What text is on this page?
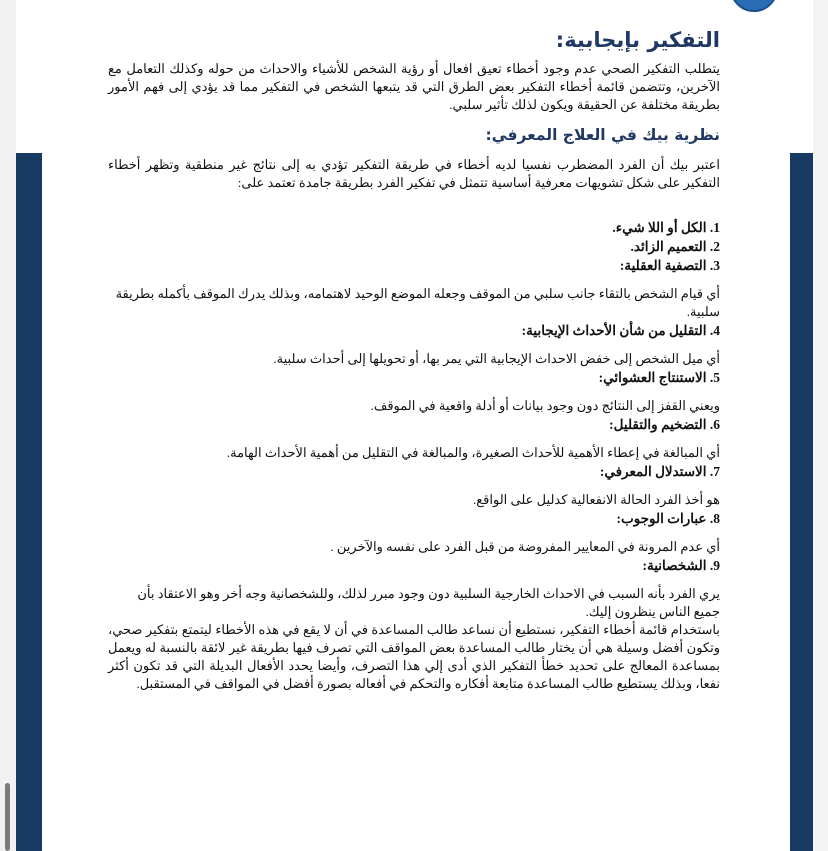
التفكير بإيجابية:

يتطلب التفكير الصحي عدم وجود أخطاء تعيق افعال أو رؤية الشخص للأشياء والاحداث من حوله وكذلك التعامل مع الآخرين، وتتضمن قائمة أخطاء التفكير بعض الطرق التي قد يتبعها الشخص في التفكير مما قد يؤدي إلى فهم الأمور بطريقة مختلفة عن الحقيقة ويكون لذلك تأثير سلبي.

نظرية بيك في العلاج المعرفي:

اعتبر بيك أن الفرد المضطرب نفسيا لديه أخطاء في طريقة التفكير تؤدي به إلى نتائج غير منطقية وتظهر أخطاء التفكير على شكل تشويهات معرفية أساسية تتمثل في تفكير الفرد بطريقة جامدة تعتمد على:

1. الكل أو اللا شيء.

2. التعميم الزائد.

3. التصفية العقلية:

أي قيام الشخص بالتقاء جانب سلبي من الموقف وجعله الموضع الوحيد لاهتمامه، وبذلك يدرك الموقف بأكمله بطريقة سلبية.

4. التقليل من شأن الأحداث الإيجابية:

أي ميل الشخص إلى خفض الاحداث الإيجابية التي يمر بها، أو تحويلها إلى أحداث سلبية.

5. الاستنتاج العشوائي:

ويعني القفز إلى النتائج دون وجود بيانات أو أدلة واقعية في الموقف.

6. التضخيم والتقليل:

أي المبالغة في إعطاء الأهمية للأحداث الصغيرة، والمبالغة في التقليل من أهمية الأحداث الهامة.

7. الاستدلال المعرفي:

هو أخذ الفرد الحالة الانفعالية كدليل على الواقع.

8. عبارات الوجوب:

أي عدم المرونة في المعايير المفروضة من قبل الفرد على نفسه والآخرين .

9. الشخصانية:

يري الفرد بأنه السبب في الاحداث الخارجية السلبية دون وجود مبرر لذلك، وللشخصانية وجه أخر وهو الاعتقاد بأن جميع الناس ينظرون إليك.

باستخدام قائمة أخطاء التفكير، نستطيع أن نساعد طالب المساعدة في أن لا يقع في هذه الأخطاء ليتمتع بتفكير صحي، وتكون أفضل وسيلة هي أن يختار طالب المساعدة بعض المواقف التي تصرف فيها بطريقة غير لائقة بالنسبة له ويعمل بمساعدة المعالج على تحديد خطأ التفكير الذي أدى إلي هذا التصرف، وأيضا يحدد الأفعال البديلة التي قد تكون أكثر نفعا، وبذلك يستطيع طالب المساعدة متابعة أفكاره والتحكم في أفعاله بصورة أفضل في المواقف في المستقبل.
